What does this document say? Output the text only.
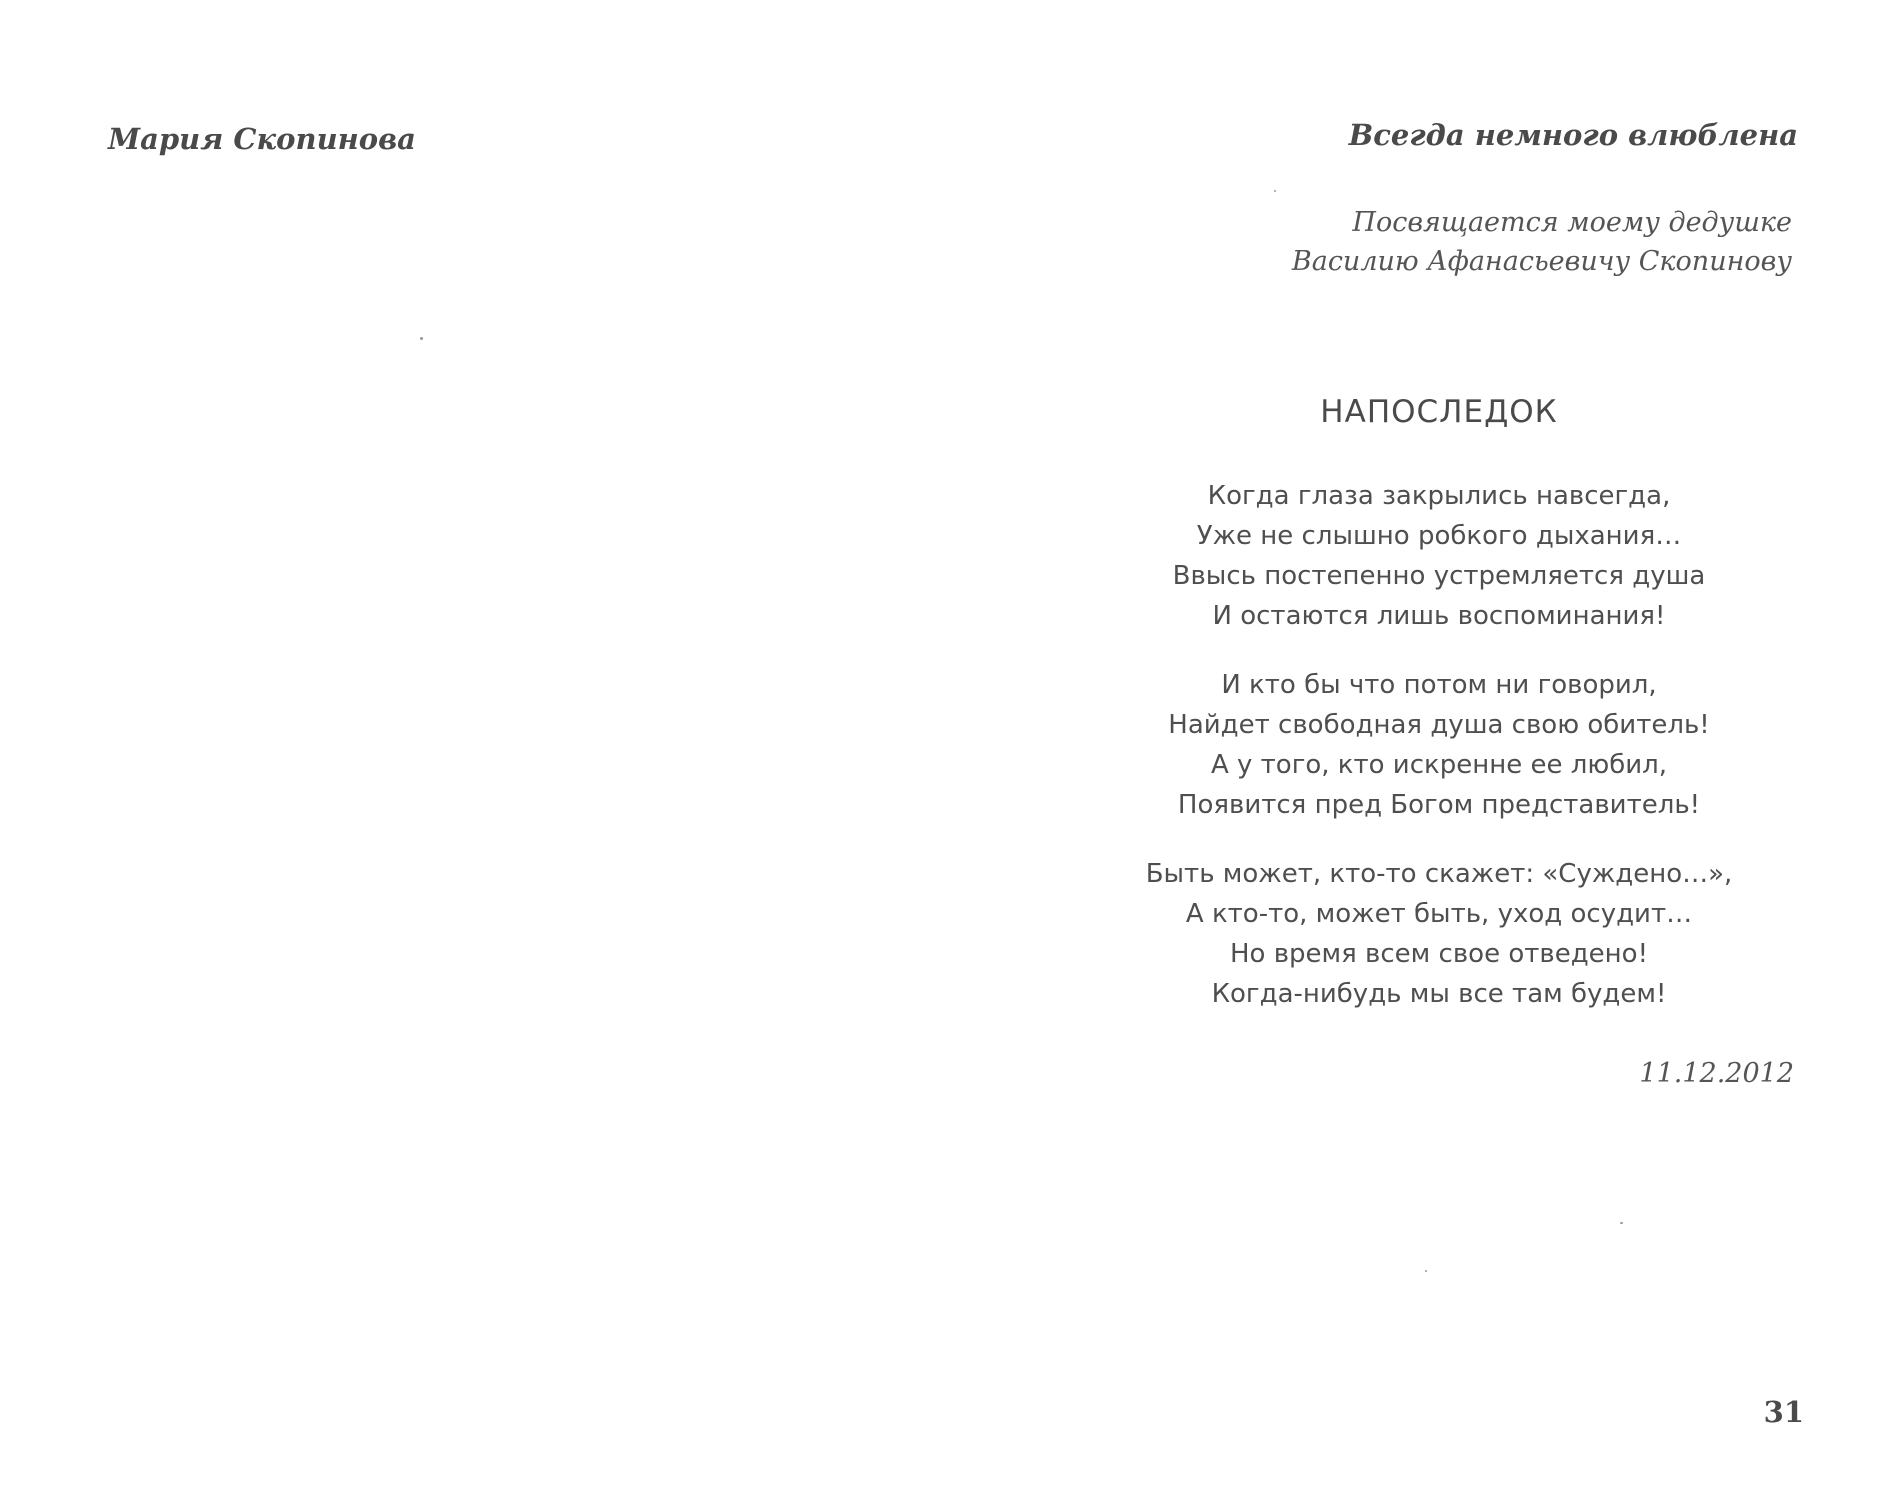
Мария Скопинова	Всегда немного влюблена
Посвящается моему дедушке
Василию Афанасьевичу Скопинову
НАПОСЛЕДОК
Когда глаза закрылись навсегда,
Уже не слышно робкого дыхания…
Ввысь постепенно устремляется душа
И остаются лишь воспоминания!
И кто бы что потом ни говорил,
Найдет свободная душа свою обитель!
А у того, кто искренне ее любил,
Появится пред Богом представитель!
Быть может, кто-то скажет: «Суждено…»,
А кто-то, может быть, уход осудит…
Но время всем свое отведено!
Когда-нибудь мы все там будем!
11.12.2012
31
